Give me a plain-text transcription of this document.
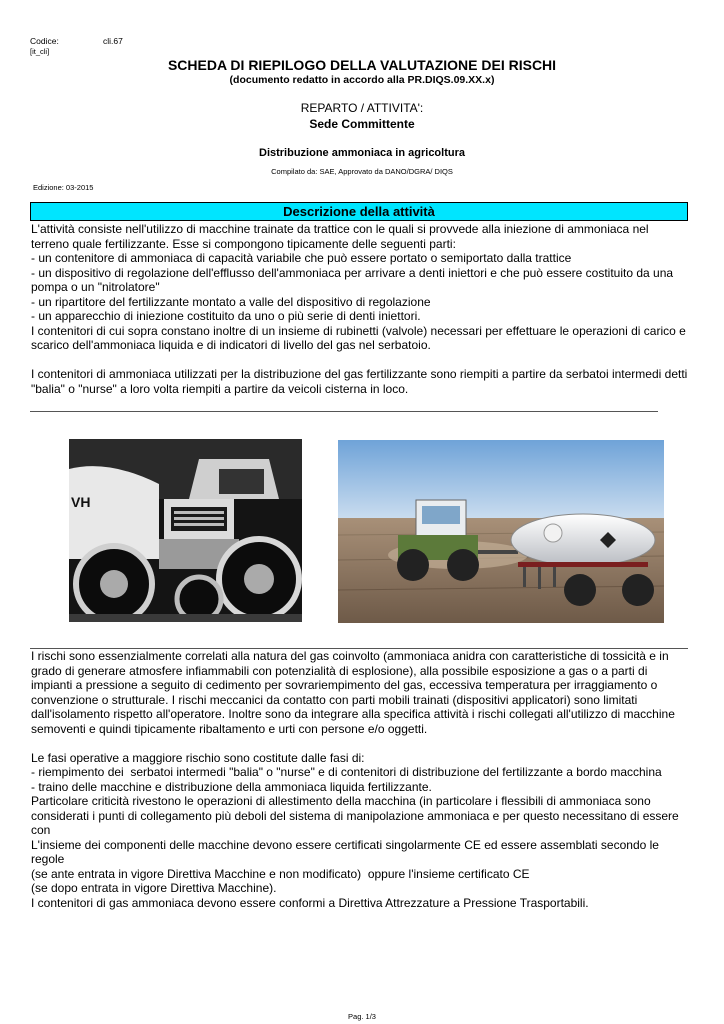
Codice:	cli.67
[it_cli]
SCHEDA DI RIEPILOGO DELLA VALUTAZIONE DEI RISCHI
(documento redatto in accordo alla PR.DIQS.09.XX.x)
REPARTO / ATTIVITA':
Sede Committente
Distribuzione ammoniaca in agricoltura
Compilato da: SAE, Approvato da DANO/DGRA/ DIQS
Edizione: 03-2015
Descrizione della attività
L'attività consiste nell'utilizzo di macchine trainate da trattice con le quali si provvede alla iniezione di ammoniaca nel terreno quale fertilizzante. Esse si compongono tipicamente delle seguenti parti:
- un contenitore di ammoniaca di capacità variabile che può essere portato o semiportato dalla trattice
- un dispositivo di regolazione dell'efflusso dell'ammoniaca per arrivare a denti iniettori e che può essere costituito da una pompa o un "nitrolatore"
- un ripartitore del fertilizzante montato a valle del dispositivo di regolazione
- un apparecchio di iniezione costituito da uno o più serie di denti iniettori.
I contenitori di cui sopra constano inoltre di un insieme di rubinetti (valvole) necessari per effettuare le operazioni di carico e scarico dell'ammoniaca liquida e di indicatori di livello del gas nel serbatoio.

I contenitori di ammoniaca utilizzati per la distribuzione del gas fertilizzante sono riempiti a partire da serbatoi intermedi detti "balia" o "nurse" a loro volta riempiti a partire da veicoli cisterna in loco.
VH
I rischi sono essenzialmente correlati alla natura del gas coinvolto (ammoniaca anidra con caratteristiche di tossicità e in grado di generare atmosfere infiammabili con potenzialità di esplosione), alla possibile esposizione a gas o a parti di impianti a pressione a seguito di cedimento per sovrariempimento del gas, eccessiva temperatura per irraggiamento o convenzione o strutturale. I rischi meccanici da contatto con parti mobili trainati (dispositivi applicatori) sono limitati dall'isolamento rispetto all'operatore. Inoltre sono da integrare alla specifica attività i rischi collegati all'utilizzo di macchine semoventi e quindi tipicamente ribaltamento e urti con persone e/o oggetti.

Le fasi operative a maggiore rischio sono costitute dalle fasi di:
- riempimento dei  serbatoi intermedi "balia" o "nurse" e di contenitori di distribuzione del fertilizzante a bordo macchina
- traino delle macchine e distribuzione della ammoniaca liquida fertilizzante.
Particolare criticità rivestono le operazioni di allestimento della macchina (in particolare i flessibili di ammoniaca sono considerati i punti di collegamento più deboli del sistema di manipolazione ammoniaca e per questo necessitano di essere con
L'insieme dei componenti delle macchine devono essere certificati singolarmente CE ed essere assemblati secondo le regole
(se ante entrata in vigore Direttiva Macchine e non modificato)  oppure l'insieme certificato CE
(se dopo entrata in vigore Direttiva Macchine).
I contenitori di gas ammoniaca devono essere conformi a Direttiva Attrezzature a Pressione Trasportabili.
Pag. 1/3
